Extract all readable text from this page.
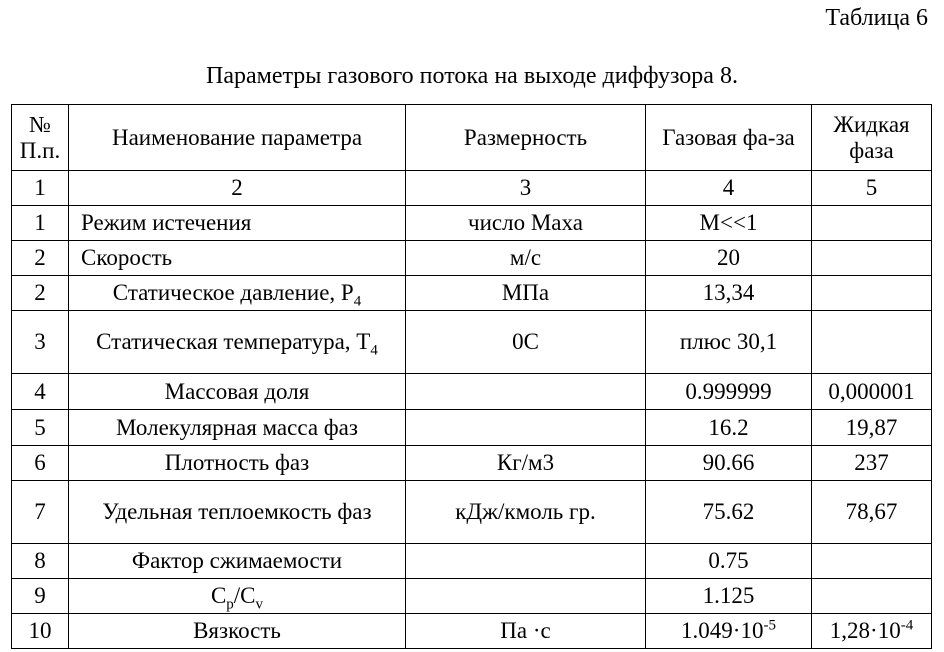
Таблица 6
Параметры газового потока на выходе диффузора 8.
№ П.п.	Наименование параметра	Размерность	Газовая фа-за	Жидкая фаза
1	2	3	4	5
1	Режим истечения	число Маха	М<<1	
2	Скорость	м/с	20	
2	Статическое давление, $Р_4$	МПа	13,34	
3	Статическая температура, $Т_4$	0С	плюс 30,1	
4	Массовая доля		0.999999	0,000001
5	Молекулярная масса фаз		16.2	19,87
6	Плотность фаз	Кг/м3	90.66	237
7	Удельная теплоемкость фаз	кДж/кмоль гр.	75.62	78,67
8	Фактор сжимаемости		0.75	
9	$C_p/C_v$		1.125	
10	Вязкость	Па ·с	$1.049\cdot 10^{-5}$	$1,28\cdot 10^{-4}$
